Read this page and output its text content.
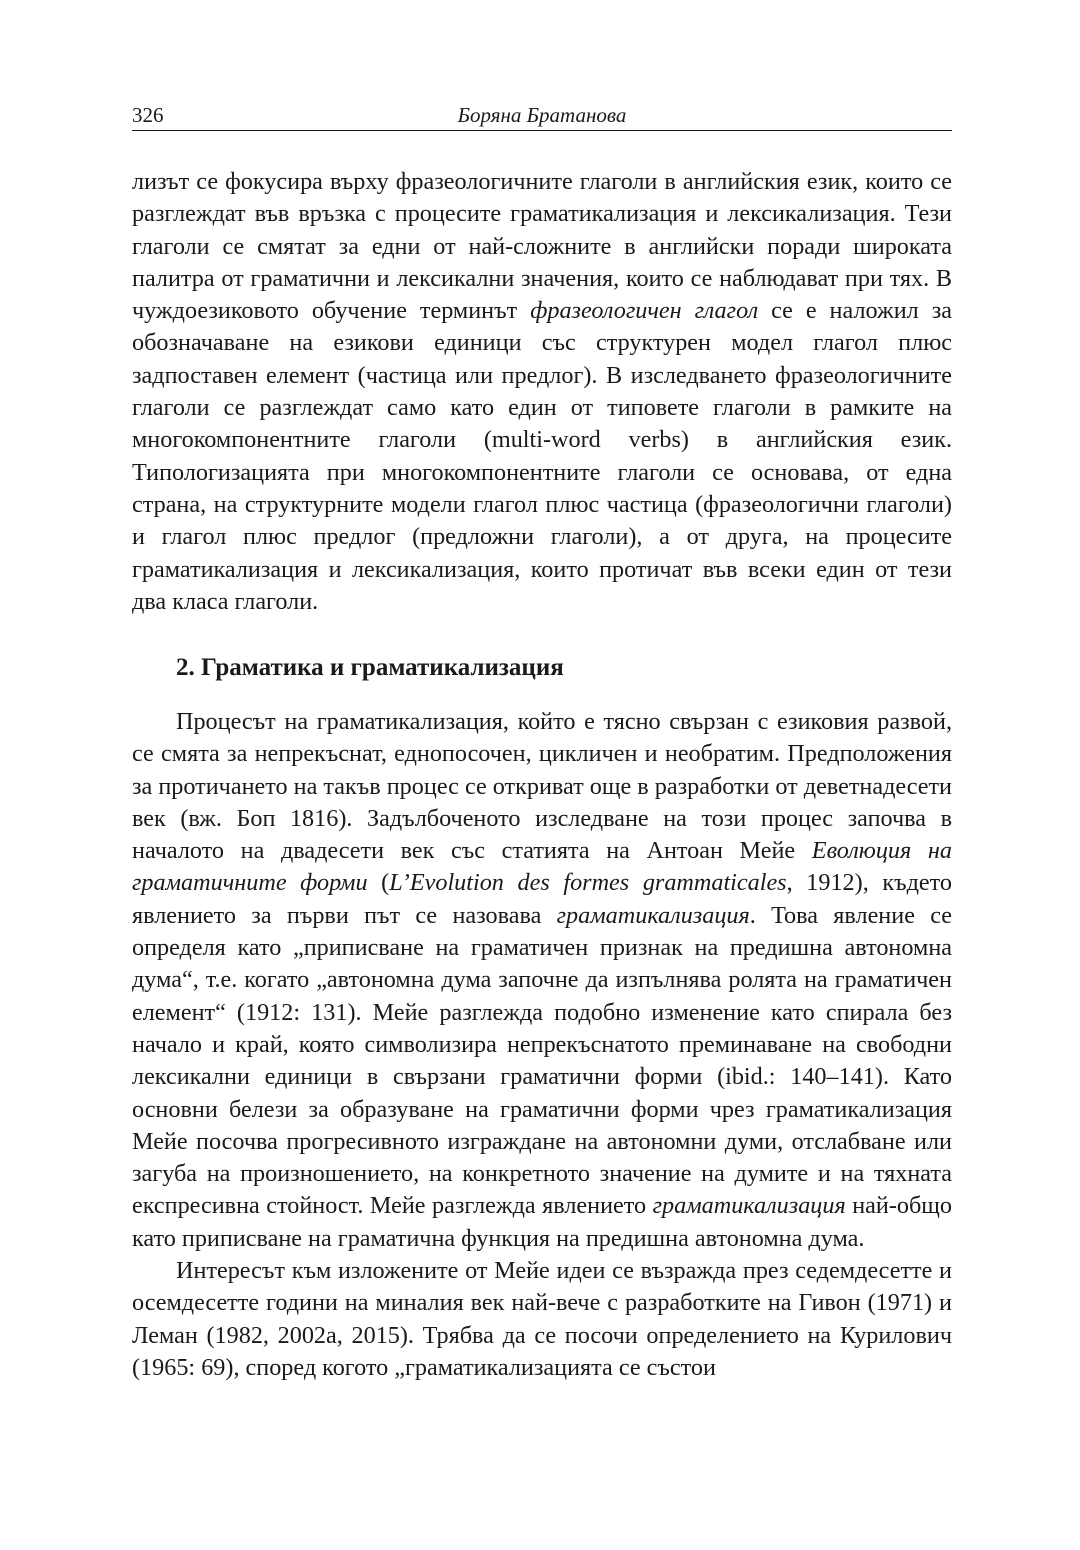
326	Боряна Братанова

лизът се фокусира върху фразеологичните глаголи в английския език, които се разглеждат във връзка с процесите граматикализация и лексикализация. Тези глаголи се смятат за едни от най-сложните в английски поради широката палитра от граматични и лексикални значения, които се наблюдават при тях. В чуждоезиковото обучение терминът фразеологичен глагол се е наложил за обозначаване на езикови единици със структурен модел глагол плюс задпоставен елемент (частица или предлог). В изследването фразеологичните глаголи се разглеждат само като един от типовете глаголи в рамките на многокомпонентните глаголи (multi-word verbs) в английския език. Типологизацията при многокомпонентните глаголи се основава, от една страна, на структурните модели глагол плюс частица (фразеологични глаголи) и глагол плюс предлог (предложни глаголи), а от друга, на процесите граматикализация и лексикализация, които протичат във всеки един от тези два класа глаголи.

2. Граматика и граматикализация

Процесът на граматикализация, който е тясно свързан с езиковия развой, се смята за непрекъснат, еднопосочен, цикличен и необратим. Предположения за протичането на такъв процес се откриват още в разработки от деветнадесети век (вж. Боп 1816). Задълбоченото изследване на този процес започва в началото на двадесети век със статията на Антоан Мейе Еволюция на граматичните форми (L’Evolution des formes grammaticales, 1912), където явлението за първи път се назовава граматикализация. Това явление се определя като „приписване на граматичен признак на предишна автономна дума“, т.е. когато „автономна дума започне да изпълнява ролята на граматичен елемент“ (1912: 131). Мейе разглежда подобно изменение като спирала без начало и край, която символизира непрекъснатото преминаване на свободни лексикални единици в свързани граматични форми (ibid.: 140–141). Като основни белези за образуване на граматични форми чрез граматикализация Мейе посочва прогресивното изграждане на автономни думи, отслабване или загуба на произношението, на конкретното значение на думите и на тяхната експресивна стойност. Мейе разглежда явлението граматикализация най-общо като приписване на граматична функция на предишна автономна дума.

Интересът към изложените от Мейе идеи се възражда през седемдесетте и осемдесетте години на миналия век най-вече с разработките на Гивон (1971) и Леман (1982, 2002а, 2015). Трябва да се посочи определението на Курилович (1965: 69), според когото „граматикализацията се състои
